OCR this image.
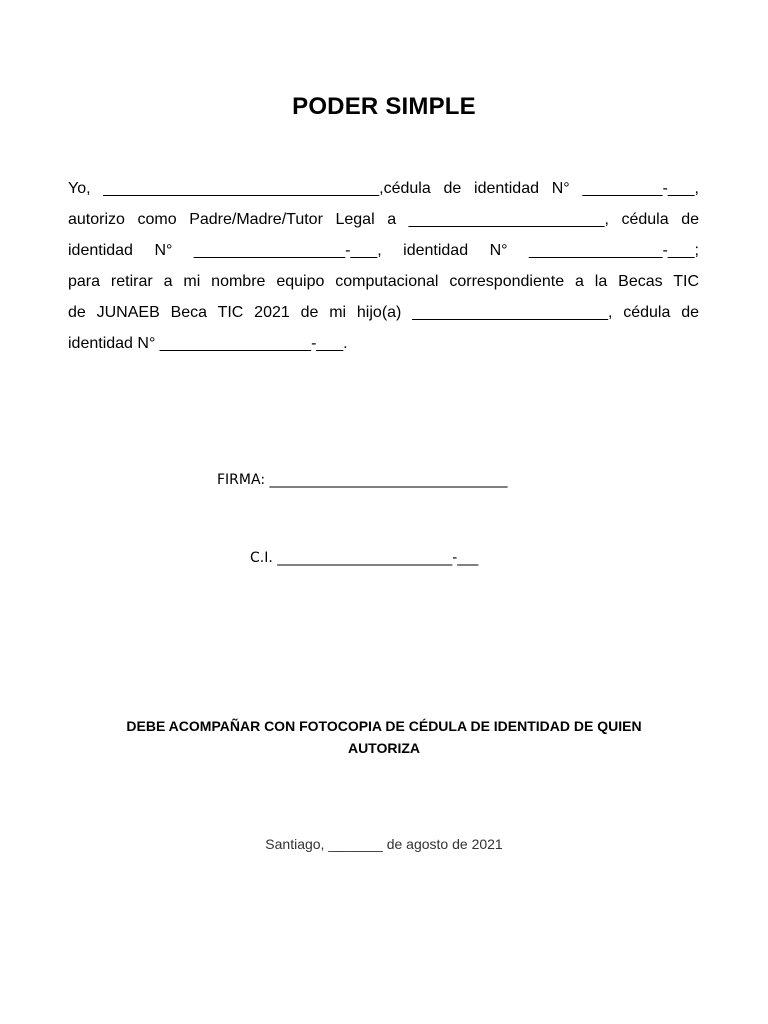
PODER SIMPLE
Yo, _______________________________,cédula de identidad N° _________-___,
autorizo como Padre/Madre/Tutor Legal a ______________________, cédula de
identidad N° _________________-___, identidad N° _______________-___;
para retirar a mi nombre equipo computacional correspondiente a la Becas TIC
de JUNAEB Beca TIC 2021 de mi hijo(a) ______________________, cédula de
identidad N° _________________-___.
FIRMA: __________________________________
C.I. _________________________-___
DEBE ACOMPAÑAR CON FOTOCOPIA DE CÉDULA DE IDENTIDAD DE QUIEN
AUTORIZA
Santiago, _______ de agosto de 2021
